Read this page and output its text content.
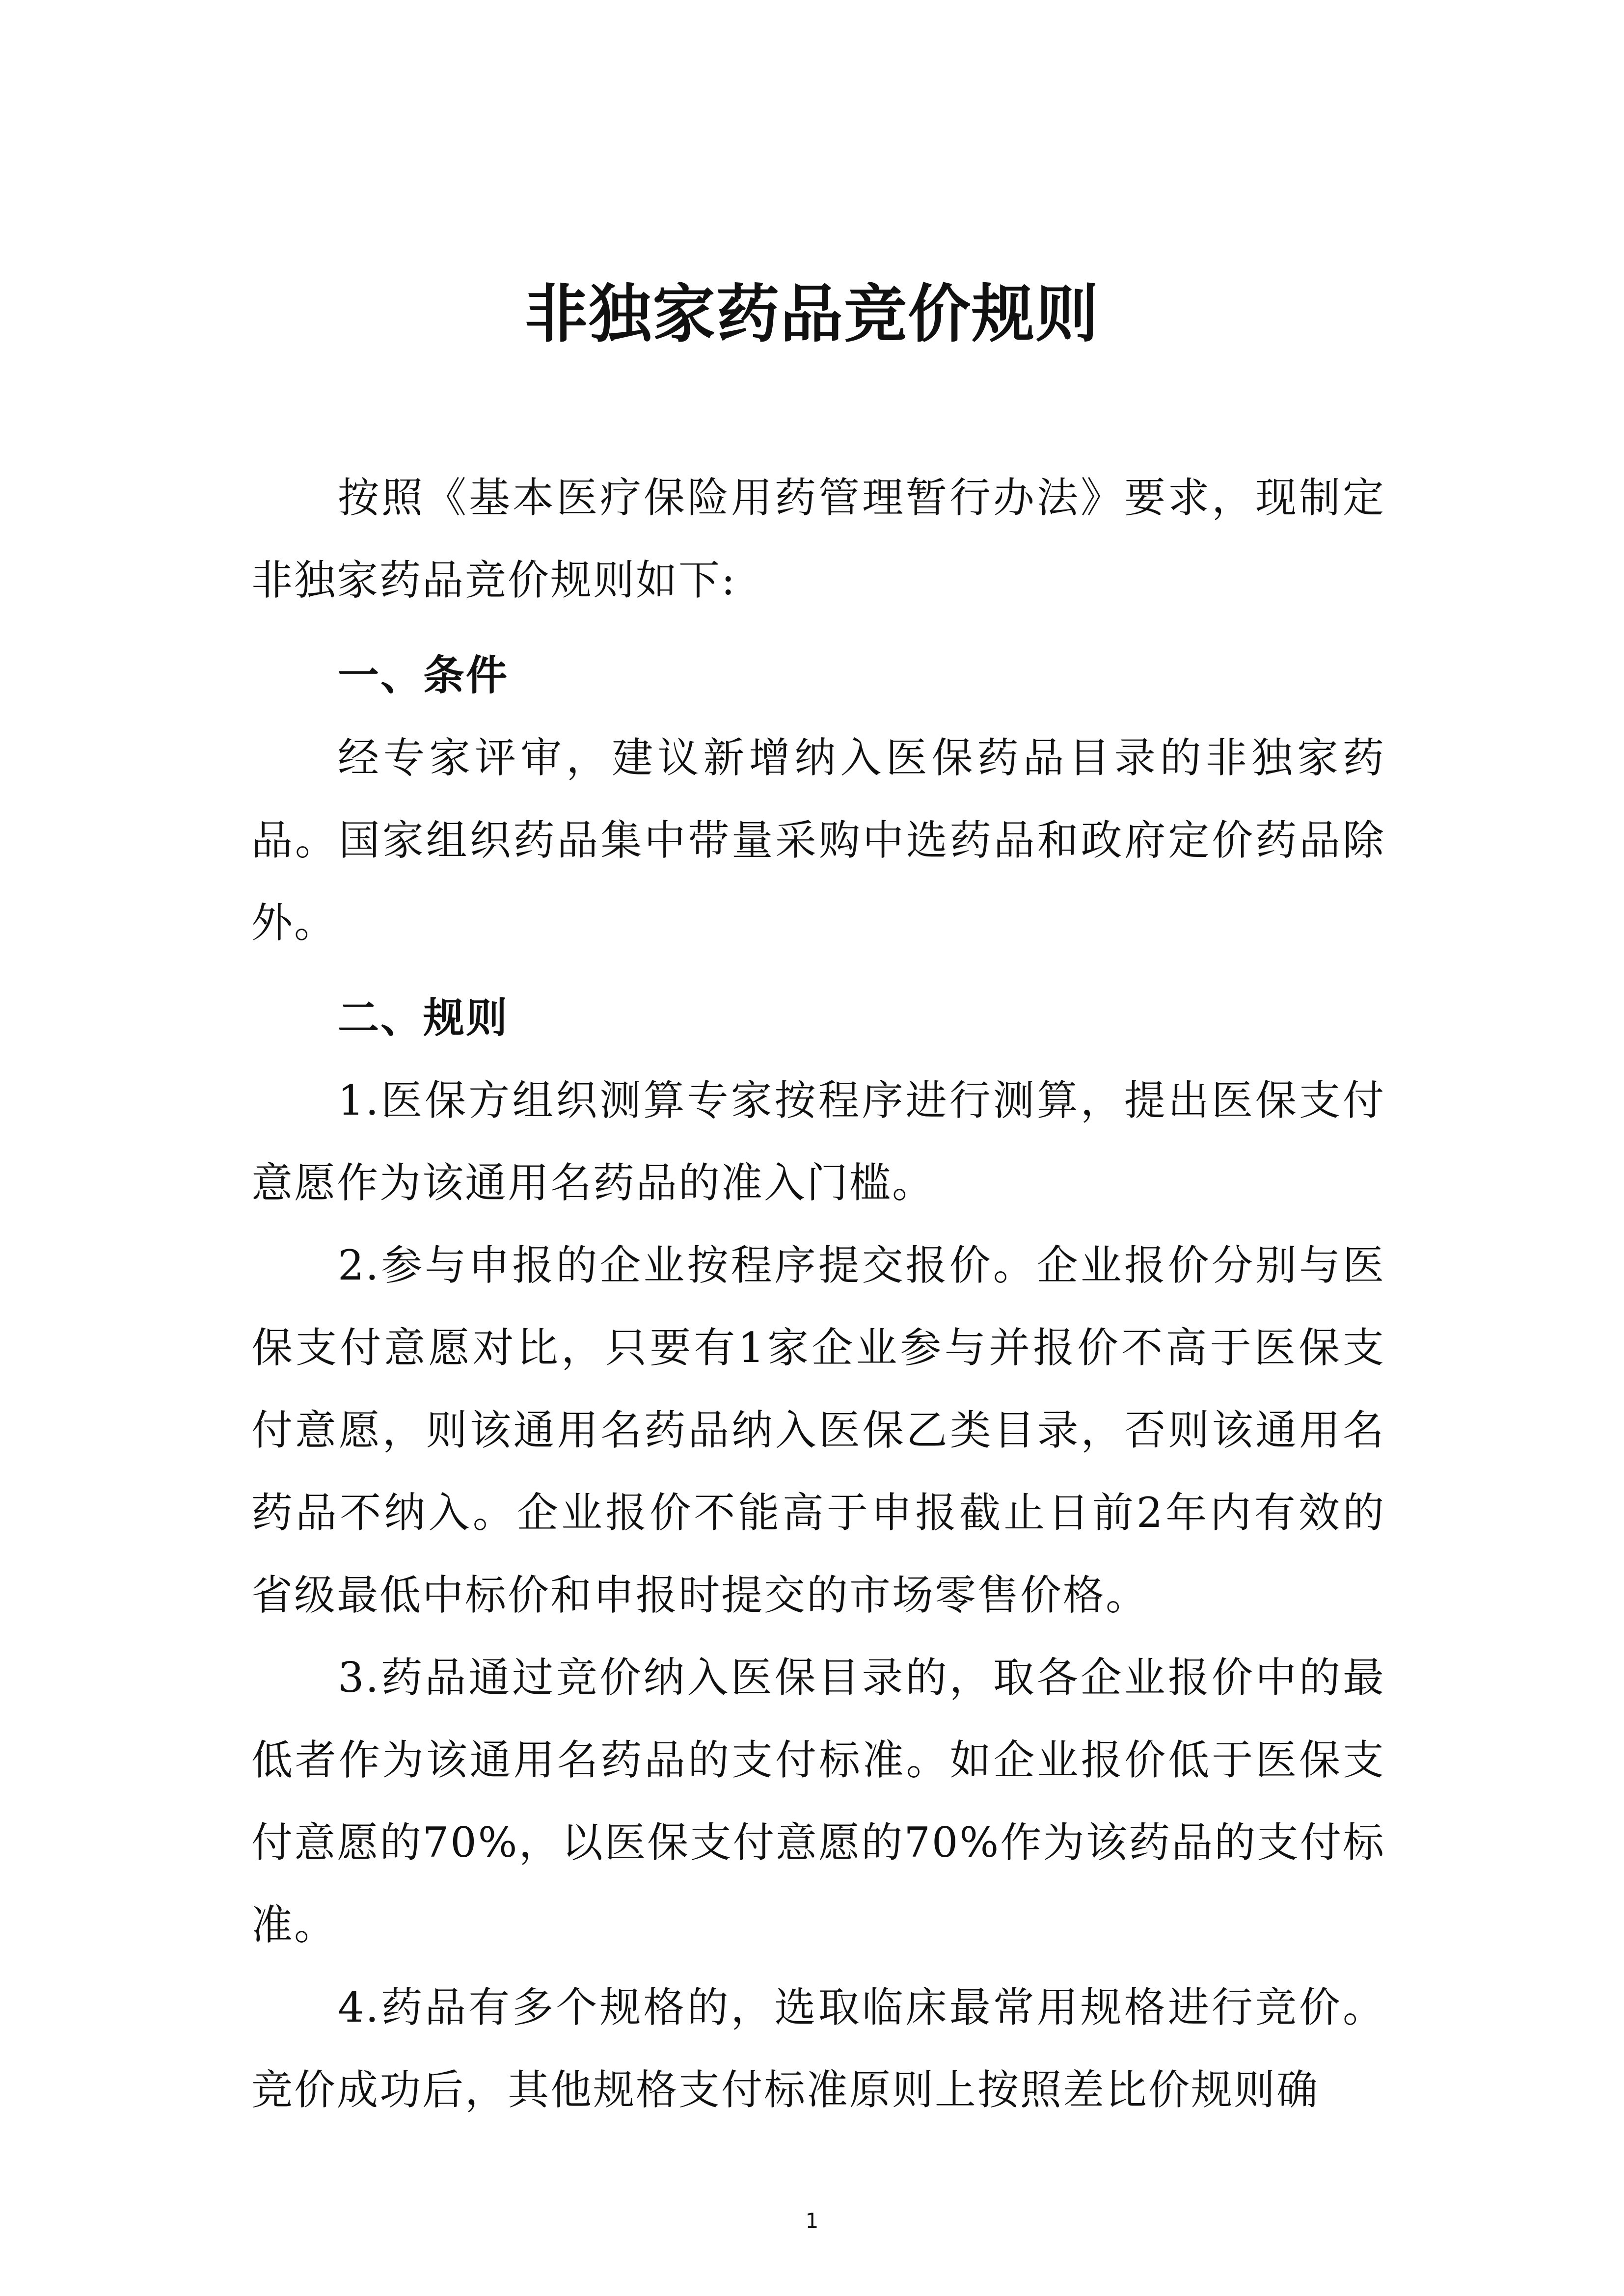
非独家药品竞价规则

按照《基本医疗保险用药管理暂行办法》要求，现制定非独家药品竞价规则如下:

一、条件

经专家评审，建议新增纳入医保药品目录的非独家药品。国家组织药品集中带量采购中选药品和政府定价药品除外。

二、规则

1.医保方组织测算专家按程序进行测算，提出医保支付意愿作为该通用名药品的准入门槛。

2.参与申报的企业按程序提交报价。企业报价分别与医保支付意愿对比，只要有1家企业参与并报价不高于医保支付意愿，则该通用名药品纳入医保乙类目录，否则该通用名药品不纳入。企业报价不能高于申报截止日前2年内有效的省级最低中标价和申报时提交的市场零售价格。

3.药品通过竞价纳入医保目录的，取各企业报价中的最低者作为该通用名药品的支付标准。如企业报价低于医保支付意愿的70%，以医保支付意愿的70%作为该药品的支付标准。

4.药品有多个规格的，选取临床最常用规格进行竞价。竞价成功后，其他规格支付标准原则上按照差比价规则确

1
